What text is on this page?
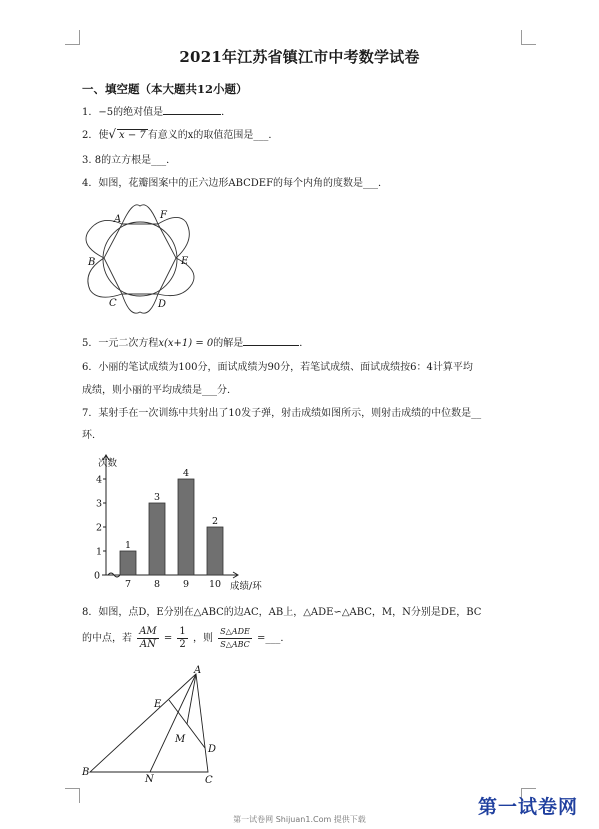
2021年江苏省镇江市中考数学试卷
一、填空题（本大题共12小题）
1．−5的绝对值是	．
2．使√ x − 7 有意义的x的取值范围是___．
3. 8的立方根是___．
4．如图，花瓣图案中的正六边形ABCDEF的每个内角的度数是___．
A	F
B	E
C	D
5．一元二次方程x(x+1) = 0的解是	．
6．小丽的笔试成绩为100分，面试成绩为90分，若笔试成绩、面试成绩按6：4计算平均
成绩，则小丽的平均成绩是___分．
7．某射手在一次训练中共射出了10发子弹，射击成绩如图所示，则射击成绩的中位数是__
环．
0
1
2
3
4
次数
成绩/环
1
7
3
8
4
9
2
10
8．如图，点D，E分别在△ABC的边AC，AB上，△ADE∽△ABC，M，N分别是DE，BC
的中点，若 $\frac{AM}{AN} = \frac{1}{2}$ ，则 $\frac{\text{S△ADE}}{\text{S△ABC}}$ =___．
A
E
M
D
B
N	C
第一试卷网 Shijuan1.Com 提供下载
第一试卷网
